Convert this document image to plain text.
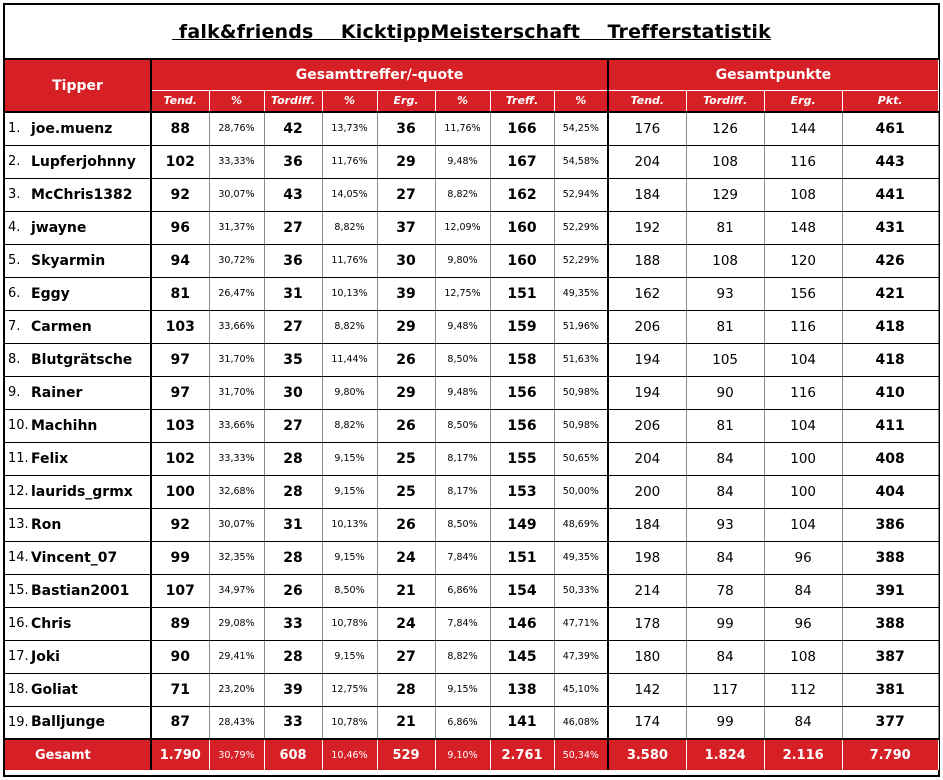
falk&friends    KicktippMeisterschaft    Trefferstatistik
Tipper		Gesamttreffer/-quote								Gesamtpunkte			
		Tend.	%	Tordiff.	%	Erg.	%	Treff.	%	Tend.	Tordiff.	Erg.	Pkt.
1.	joe.muenz	88	28,76%	42	13,73%	36	11,76%	166	54,25%	176	126	144	461
2.	Lupferjohnny	102	33,33%	36	11,76%	29	9,48%	167	54,58%	204	108	116	443
3.	McChris1382	92	30,07%	43	14,05%	27	8,82%	162	52,94%	184	129	108	441
4.	jwayne	96	31,37%	27	8,82%	37	12,09%	160	52,29%	192	81	148	431
5.	Skyarmin	94	30,72%	36	11,76%	30	9,80%	160	52,29%	188	108	120	426
6.	Eggy	81	26,47%	31	10,13%	39	12,75%	151	49,35%	162	93	156	421
7.	Carmen	103	33,66%	27	8,82%	29	9,48%	159	51,96%	206	81	116	418
8.	Blutgrätsche	97	31,70%	35	11,44%	26	8,50%	158	51,63%	194	105	104	418
9.	Rainer	97	31,70%	30	9,80%	29	9,48%	156	50,98%	194	90	116	410
10.	Machihn	103	33,66%	27	8,82%	26	8,50%	156	50,98%	206	81	104	411
11.	Felix	102	33,33%	28	9,15%	25	8,17%	155	50,65%	204	84	100	408
12.	laurids_grmx	100	32,68%	28	9,15%	25	8,17%	153	50,00%	200	84	100	404
13.	Ron	92	30,07%	31	10,13%	26	8,50%	149	48,69%	184	93	104	386
14.	Vincent_07	99	32,35%	28	9,15%	24	7,84%	151	49,35%	198	84	96	388
15.	Bastian2001	107	34,97%	26	8,50%	21	6,86%	154	50,33%	214	78	84	391
16.	Chris	89	29,08%	33	10,78%	24	7,84%	146	47,71%	178	99	96	388
17.	Joki	90	29,41%	28	9,15%	27	8,82%	145	47,39%	180	84	108	387
18.	Goliat	71	23,20%	39	12,75%	28	9,15%	138	45,10%	142	117	112	381
19.	Balljunge	87	28,43%	33	10,78%	21	6,86%	141	46,08%	174	99	84	377
Gesamt		1.790	30,79%	608	10,46%	529	9,10%	2.761	50,34%	3.580	1.824	2.116	7.790
